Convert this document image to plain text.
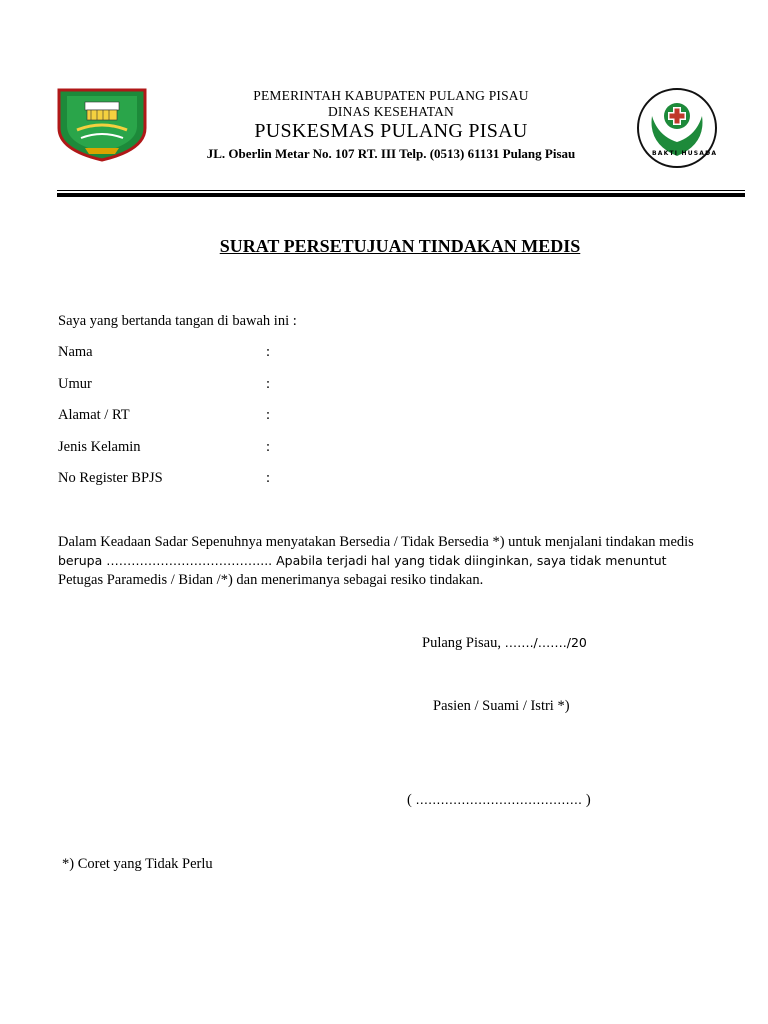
PEMERINTAH KABUPATEN PULANG PISAU
DINAS KESEHATAN
PUSKESMAS PULANG PISAU
JL. Oberlin Metar No. 107 RT. III Telp. (0513) 61131 Pulang Pisau	BAKTI HUSADA
SURAT PERSETUJUAN TINDAKAN MEDIS
Saya yang bertanda tangan di bawah ini :
Nama	:
Umur	:
Alamat / RT	:
Jenis Kelamin	:
No Register BPJS	:
Dalam Keadaan Sadar Sepenuhnya menyatakan Bersedia / Tidak Bersedia *) untuk menjalani tindakan medis
berupa ……………………………….... Apabila terjadi hal yang tidak diinginkan, saya tidak menuntut
Petugas Paramedis / Bidan /*) dan menerimanya sebagai resiko tindakan.
Pulang Pisau, ……./……./20
Pasien / Suami / Istri *)
( …………………………………. )
*) Coret yang Tidak Perlu
